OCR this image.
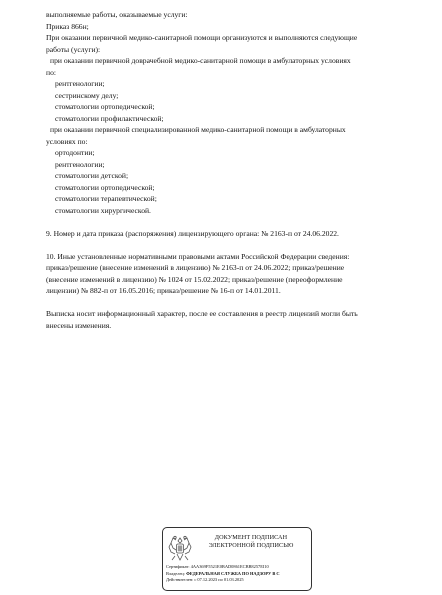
выполняемые работы, оказываемые услуги:

Приказ 866н;

При оказании первичной медико-санитарной помощи организуются и выполняются следующие

работы (услуги):

при оказании первичной доврачебной медико-санитарной помощи в амбулаторных условиях

по:

рентгенологии;

сестринскому делу;

стоматологии ортопедической;

стоматологии профилактической;

при оказании первичной специализированной медико-санитарной помощи в амбулаторных

условиях по:

ортодонтии;

рентгенологии;

стоматологии детской;

стоматологии ортопедической;

стоматологии терапевтической;

стоматологии хирургической.

9. Номер и дата приказа (распоряжения) лицензирующего органа: № 2163-п от 24.06.2022.

10. Иные установленные нормативными правовыми актами Российской Федерации сведения:

приказ/решение (внесение изменений в лицензию) № 2163-п от 24.06.2022; приказ/решение

(внесение изменений в лицензию) № 1024 от 15.02.2022; приказ/решение (переоформление

лицензии) № 882-п от 16.05.2016; приказ/решение № 16-п от 14.01.2011.

Выписка носит информационный характер, после ее составления в реестр лицензий могли быть

внесены изменения.

ДОКУМЕНТ ПОДПИСАН
ЭЛЕКТРОННОЙ ПОДПИСЬЮ
Сертификат: 4AA369F5521E0BAD0861ECBB8257EI10
Владелец: ФЕДЕРАЛЬНАЯ СЛУЖБА ПО НАДЗОРУ В С
Действителен: с 07.12.2023 по 01.03.2025
